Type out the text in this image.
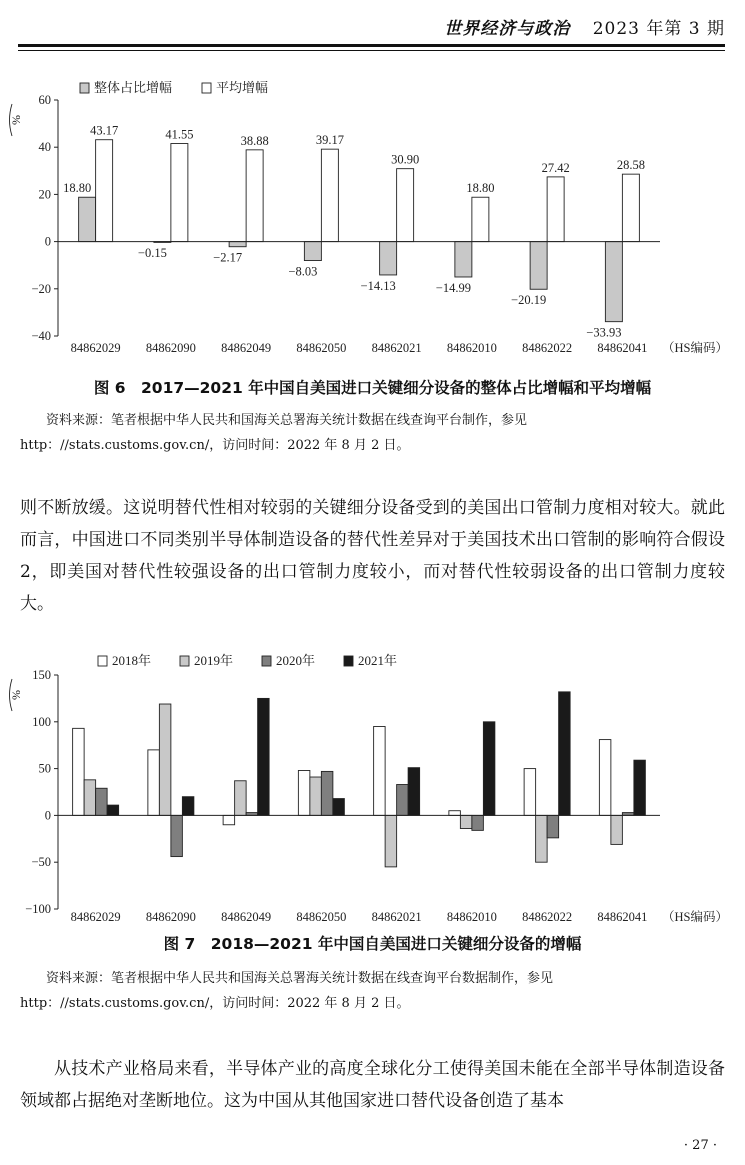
世界经济与政治 2023 年第 3 期
60
40
20
0
−20
−40
%
18.80
43.17
84862029
−0.15
41.55
84862090
−2.17
38.88
84862049
−8.03
39.17
84862050
−14.13
30.90
84862021
−14.99
18.80
84862010
−20.19
27.42
84862022
−33.93
28.58
84862041 （HS编码）
整体占比增幅	平均增幅
图 6　2017—2021 年中国自美国进口关键细分设备的整体占比增幅和平均增幅
资料来源：笔者根据中华人民共和国海关总署海关统计数据在线查询平台制作，参见 http：//stats.customs.gov.cn/，访问时间：2022 年 8 月 2 日。
则不断放缓。这说明替代性相对较弱的关键细分设备受到的美国出口管制力度相对较大。就此而言，中国进口不同类别半导体制造设备的替代性差异对于美国技术出口管制的影响符合假设 2，即美国对替代性较强设备的出口管制力度较小，而对替代性较弱设备的出口管制力度较大。
150
100
50
0
−50
−100
%
84862029 84862090 84862049 84862050 84862021 84862010 84862022 84862041 （HS编码）
2018年	2019年	2020年	2021年
图 7　2018—2021 年中国自美国进口关键细分设备的增幅
资料来源：笔者根据中华人民共和国海关总署海关统计数据在线查询平台数据制作，参见 http：//stats.customs.gov.cn/，访问时间：2022 年 8 月 2 日。
从技术产业格局来看，半导体产业的高度全球化分工使得美国未能在全部半导体制造设备领域都占据绝对垄断地位。这为中国从其他国家进口替代设备创造了基本
· 27 ·
